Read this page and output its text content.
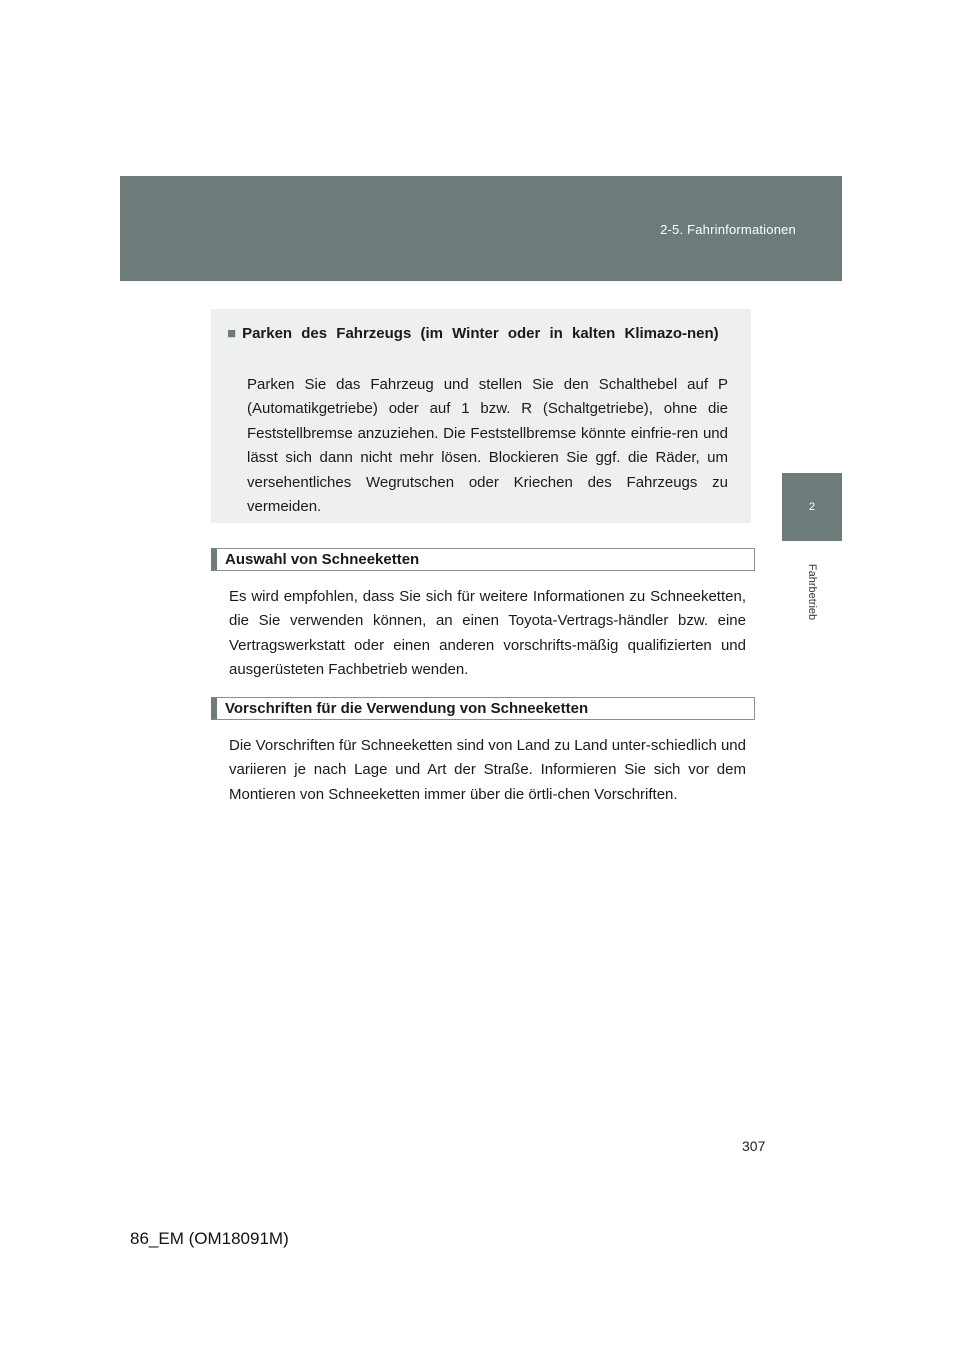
2-5. Fahrinformationen
2
Fahrbetrieb
■ Parken des Fahrzeugs (im Winter oder in kalten Klimazo-nen)
Parken Sie das Fahrzeug und stellen Sie den Schalthebel auf P (Automatikgetriebe) oder auf 1 bzw. R (Schaltgetriebe), ohne die Feststellbremse anzuziehen. Die Feststellbremse könnte einfrie-ren und lässt sich dann nicht mehr lösen. Blockieren Sie ggf. die Räder, um versehentliches Wegrutschen oder Kriechen des Fahrzeugs zu vermeiden.
Auswahl von Schneeketten
Es wird empfohlen, dass Sie sich für weitere Informationen zu Schneeketten, die Sie verwenden können, an einen Toyota-Vertrags-händler bzw. eine Vertragswerkstatt oder einen anderen vorschrifts-mäßig qualifizierten und ausgerüsteten Fachbetrieb wenden.
Vorschriften für die Verwendung von Schneeketten
Die Vorschriften für Schneeketten sind von Land zu Land unter-schiedlich und variieren je nach Lage und Art der Straße. Informieren Sie sich vor dem Montieren von Schneeketten immer über die örtli-chen Vorschriften.
307
86_EM (OM18091M)
